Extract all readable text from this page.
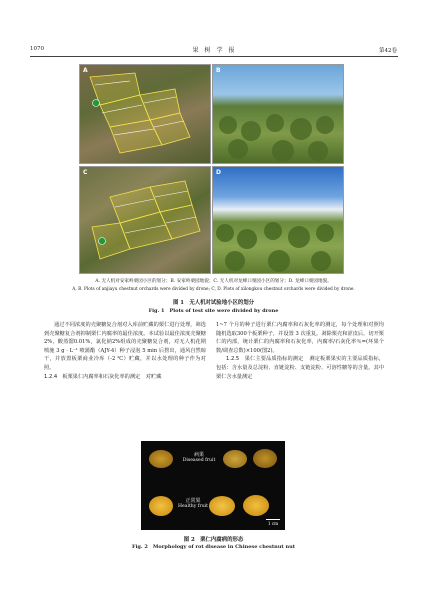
1070	果　树　学　报	第42卷
A	B
C	D
A. 无人机对安家岭栗园小区的划分；B. 安家岭栗园地貌；C. 无人机对龙峰口栗园小区的划分；D. 龙峰口栗园地貌。
A, B. Plots of anjiayu chestnut orchards were divided by drone; C, D. Plots of xilongkou chestnut orchards were divided by drone.
图 1　无人机对试验地小区的划分
Fig. 1　Plots of test site were divided by drone

通过不同浓度的壳聚糖复合剂对入库前贮藏的栗仁进行处理，筛选到壳聚糖复合剂抑制栗仁内腐率的最佳浓度。本试验以最佳浓度壳聚糖 2%，酸蒸馏0.01%，氯化钠2%组成的壳聚糖复合剂，对无人机花期喷施 3 g · L⁻¹ 喷蒲酯（AJY-4）种子浸泡 5 min 后捞出，通风自然晾干，并放置板栗商业冷库（-2 ℃）贮藏，并以水处理的种子作为对照。

1.2.4　板栗果仁内腐率和石灰化率的测定 对贮藏

1~7 个月的种子进行栗仁内腐率和石灰化率的测定，每个处理和对照均随机选取300个板栗种子，并设置 3 次重复。剥除栗壳和涩皮后，切开栗仁的内部，统计栗仁的内腐率和石灰化率，内腐率/石灰化率％=(坏果个数/调查总数)×100(图2)。

1.2.5　果仁主要品质指标的测定 测定板栗果实的主要品质指标，包括：含水量及总淀粉、直链淀粉、支链淀粉、可溶性糖等的含量。其中栗仁含水量测定

病果
Diseased fruit
正常果
Healthy fruit
1 cm
图 2　栗仁内腐病的形态
Fig. 2　Morphology of rot disease in Chinese chestnut nut
